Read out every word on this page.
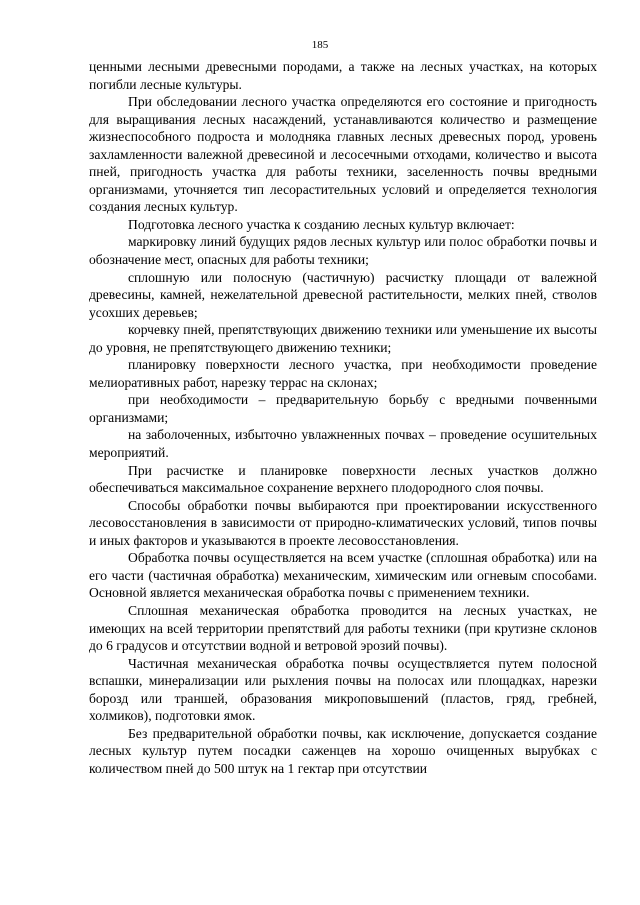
185

ценными лесными древесными породами, а также на лесных участках, на которых погибли лесные культуры.

При обследовании лесного участка определяются его состояние и пригодность для выращивания лесных насаждений, устанавливаются количество и размещение жизнеспособного подроста и молодняка главных лесных древесных пород, уровень захламленности валежной древесиной и лесосечными отходами, количество и высота пней, пригодность участка для работы техники, заселенность почвы вредными организмами, уточняется тип лесорастительных условий и определяется технология создания лесных культур.

Подготовка лесного участка к созданию лесных культур включает:

маркировку линий будущих рядов лесных культур или полос обработки почвы и обозначение мест, опасных для работы техники;

сплошную или полосную (частичную) расчистку площади от валежной древесины, камней, нежелательной древесной растительности, мелких пней, стволов усохших деревьев;

корчевку пней, препятствующих движению техники или уменьшение их высоты до уровня, не препятствующего движению техники;

планировку поверхности лесного участка, при необходимости проведение мелиоративных работ, нарезку террас на склонах;

при необходимости – предварительную борьбу с вредными почвенными организмами;

на заболоченных, избыточно увлажненных почвах – проведение осушительных мероприятий.

При расчистке и планировке поверхности лесных участков должно обеспечиваться максимальное сохранение верхнего плодородного слоя почвы.

Способы обработки почвы выбираются при проектировании искусственного лесовосстановления в зависимости от природно-климатических условий, типов почвы и иных факторов и указываются в проекте лесовосстановления.

Обработка почвы осуществляется на всем участке (сплошная обработка) или на его части (частичная обработка) механическим, химическим или огневым способами. Основной является механическая обработка почвы с применением техники.

Сплошная механическая обработка проводится на лесных участках, не имеющих на всей территории препятствий для работы техники (при крутизне склонов до 6 градусов и отсутствии водной и ветровой эрозий почвы).

Частичная механическая обработка почвы осуществляется путем полосной вспашки, минерализации или рыхления почвы на полосах или площадках, нарезки борозд или траншей, образования микроповышений (пластов, гряд, гребней, холмиков), подготовки ямок.

Без предварительной обработки почвы, как исключение, допускается создание лесных культур путем посадки саженцев на хорошо очищенных вырубках с количеством пней до 500 штук на 1 гектар при отсутствии
